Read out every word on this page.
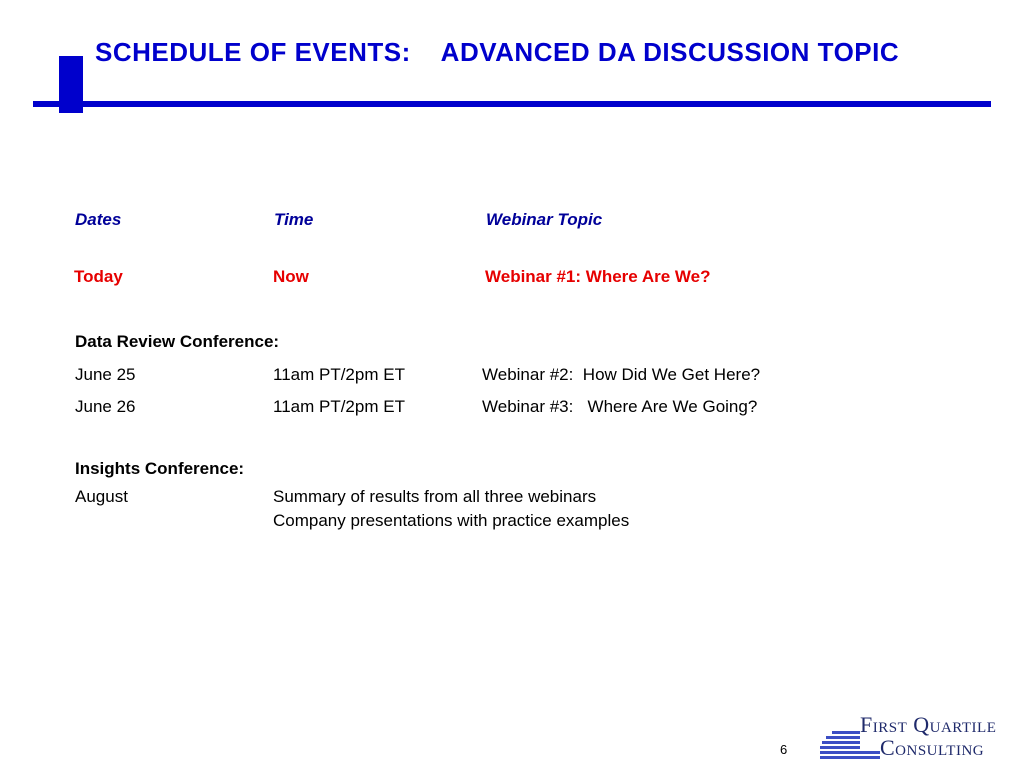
SCHEDULE OF EVENTS:    ADVANCED DA DISCUSSION TOPIC
Dates	Time	Webinar Topic
Today	Now	Webinar #1: Where Are We?
Data Review Conference:
June 25	11am PT/2pm ET	Webinar #2:  How Did We Get Here?
June 26	11am PT/2pm ET	Webinar #3:   Where Are We Going?
Insights Conference:
August	Summary of results from all three webinars
Company presentations with practice examples
6
First Quartile
Consulting
